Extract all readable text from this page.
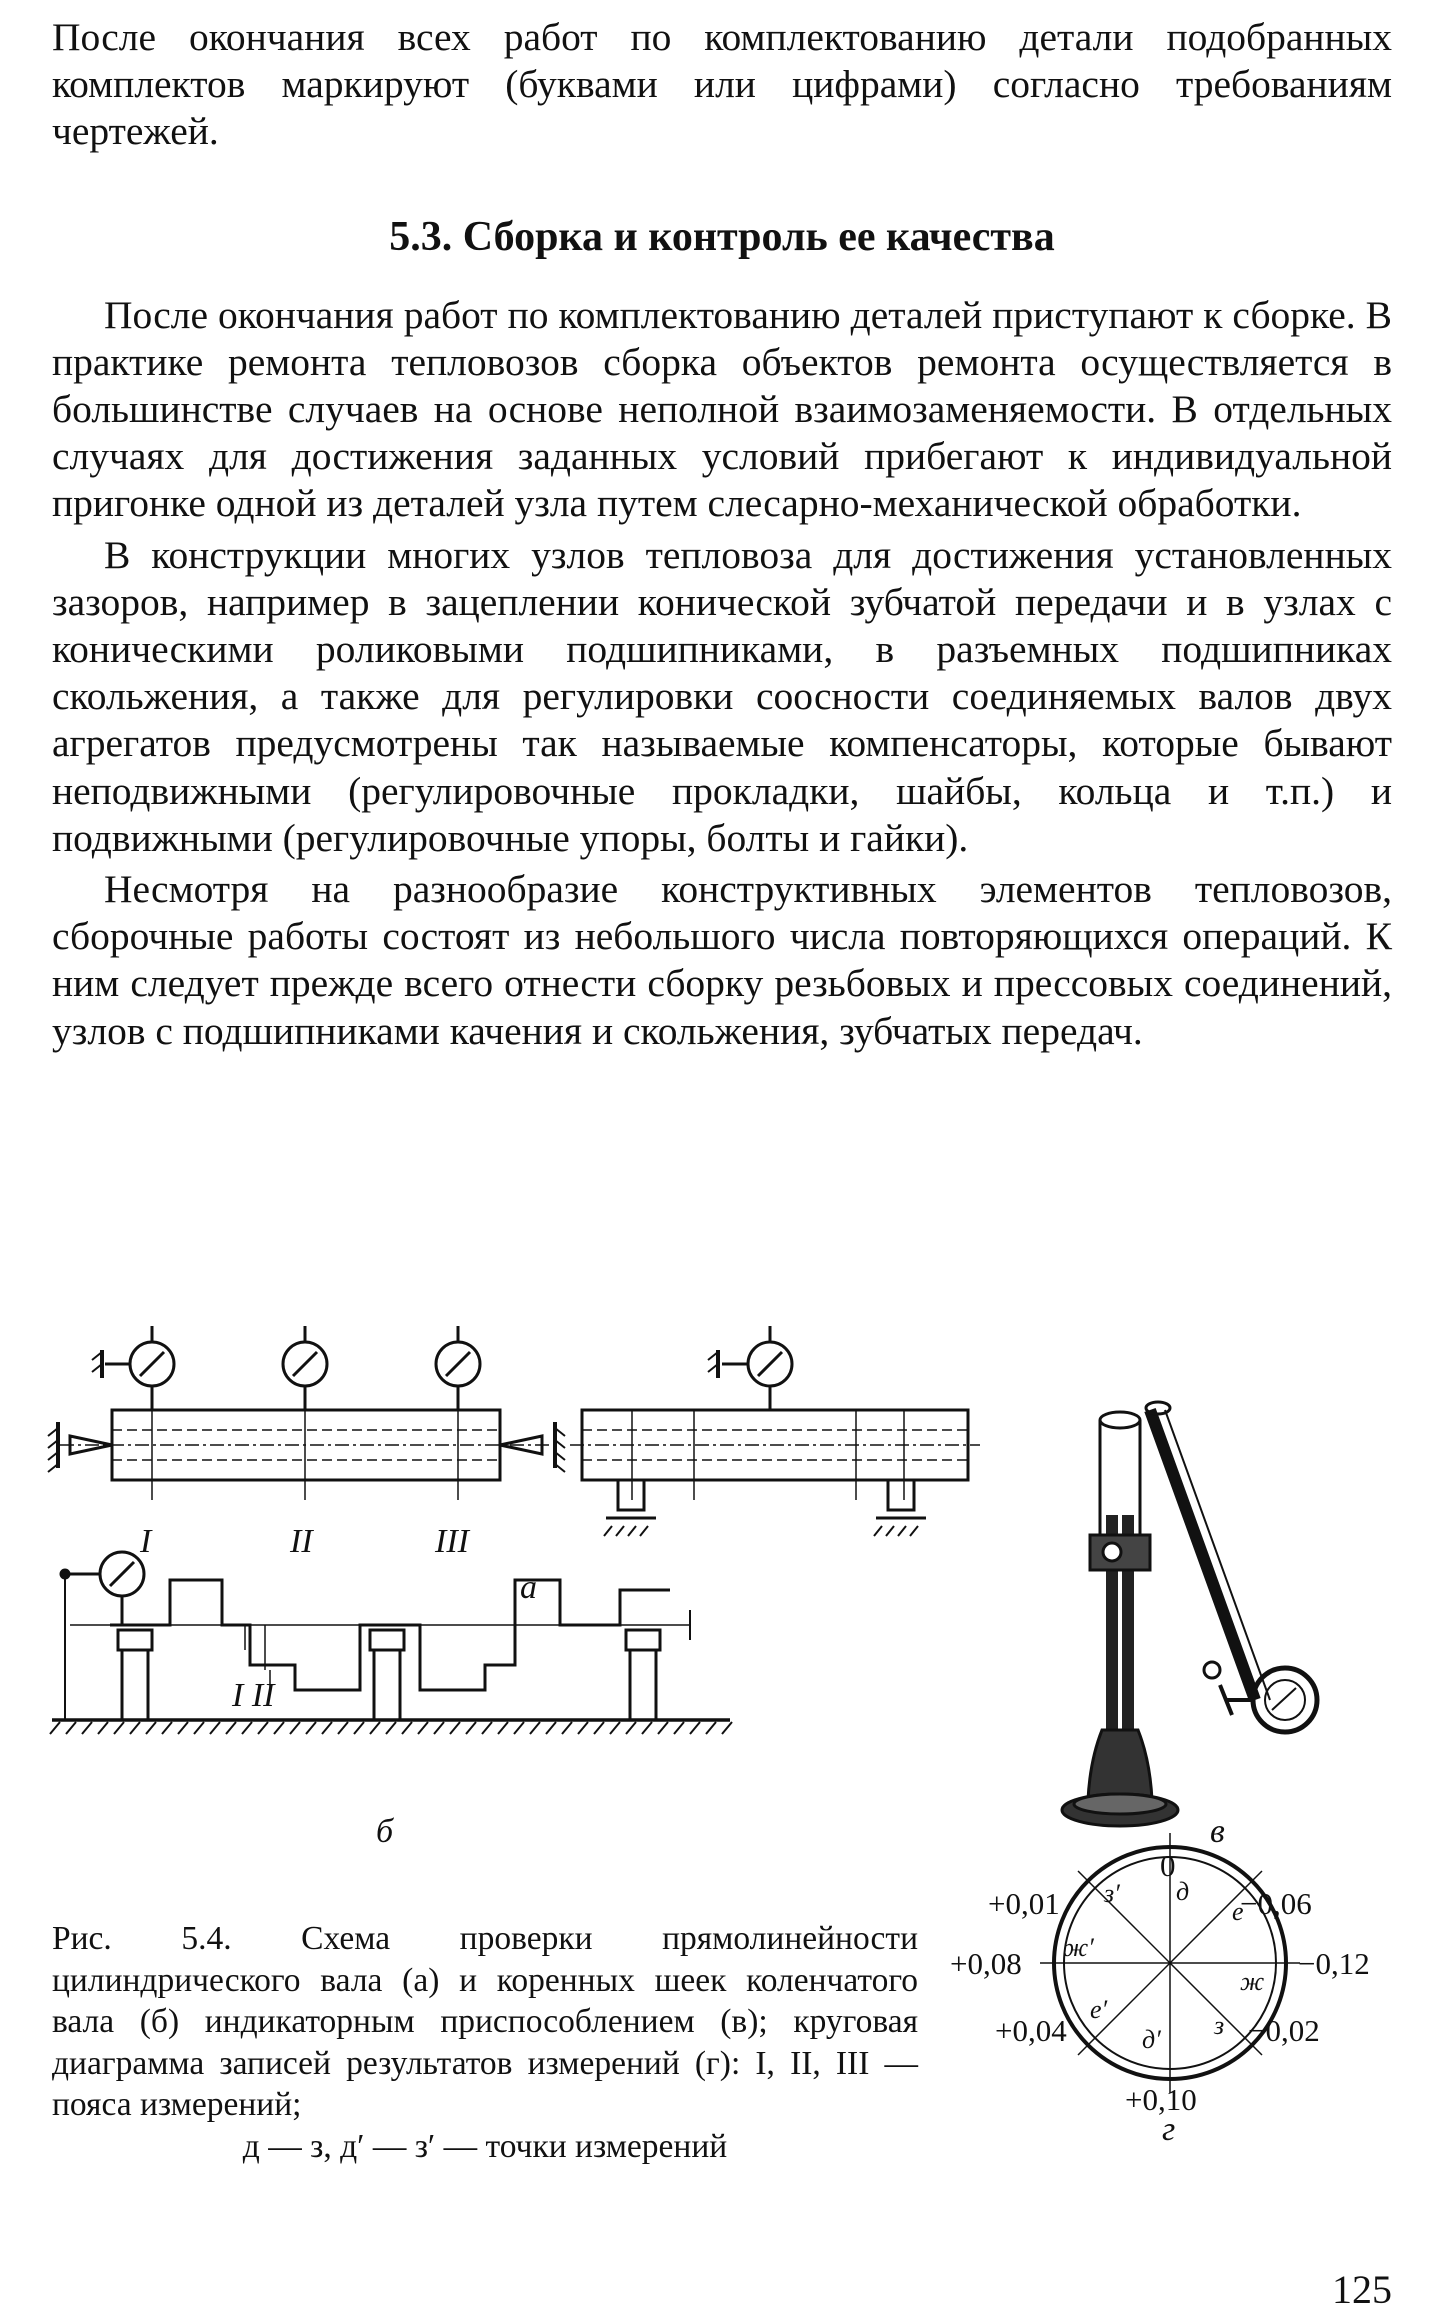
После окончания всех работ по комплектованию детали подобранных комплектов маркируют (буквами или цифрами) согласно требованиям чертежей.

5.3. Сборка и контроль ее качества

После окончания работ по комплектованию деталей приступают к сборке. В практике ремонта тепловозов сборка объектов ремонта осуществляется в большинстве случаев на основе неполной взаимозаменяемости. В отдельных случаях для достижения заданных условий прибегают к индивидуальной пригонке одной из деталей узла путем слесарно-механической обработки.

В конструкции многих узлов тепловоза для достижения установленных зазоров, например в зацеплении конической зубчатой передачи и в узлах с коническими роликовыми подшипниками, в разъемных подшипниках скольжения, а также для регулировки соосности соединяемых валов двух агрегатов предусмотрены так называемые компенсаторы, которые бывают неподвижными (регулировочные прокладки, шайбы, кольца и т.п.) и подвижными (регулировочные упоры, болты и гайки).

Несмотря на разнообразие конструктивных элементов тепловозов, сборочные работы состоят из небольшого числа повторяющихся операций. К ним следует прежде всего отнести сборку резьбовых и прессовых соединений, узлов с подшипниками качения и скольжения, зубчатых передач.

I	II	III
а
I II
б	в
г
0
+0,01	−0,06
+0,08	−0,12
+0,04	−0,02
+0,10
з′ д
е
ж′
ж
е′
д′ з
Рис. 5.4. Схема проверки прямолинейности цилиндрического вала (а) и коренных шеек коленчатого вала (б) индикаторным приспособлением (в); круговая диаграмма записей результатов измерений (г): I, II, III — пояса измерений;
д — з, д′ — з′ — точки измерений
125
